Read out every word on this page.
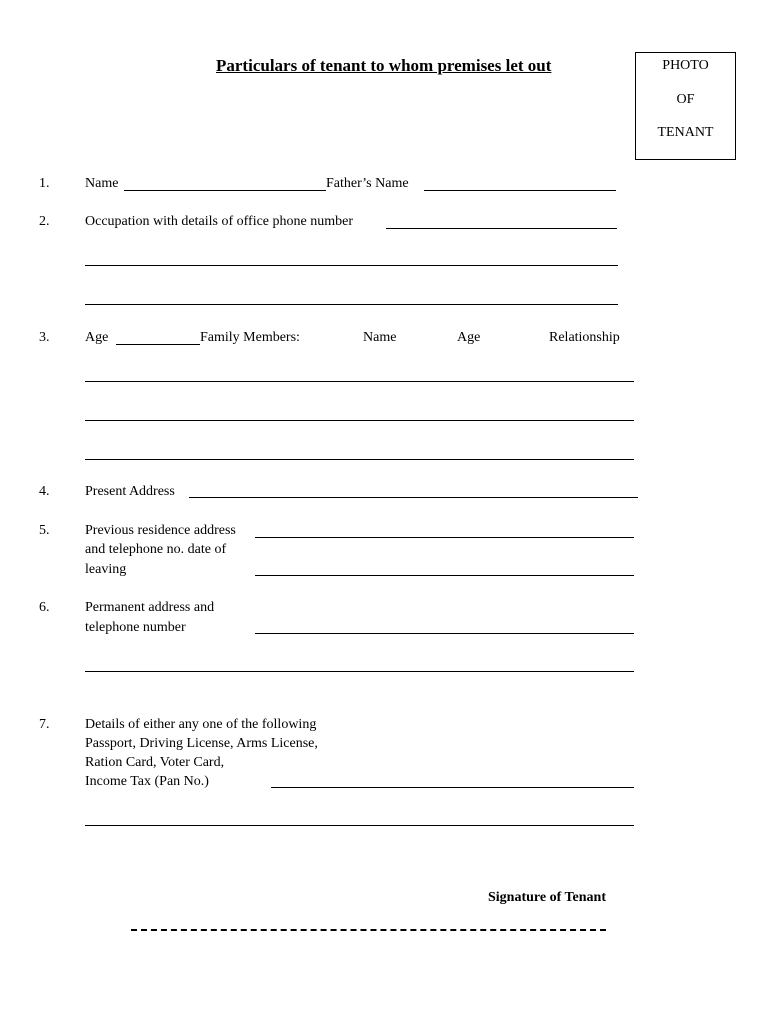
Particulars of tenant to whom premises let out	PHOTO
OF
TENANT
1.	Name	Father’s Name
2.	Occupation with details of office phone number
3.	Age	Family Members:	Name	Age	Relationship
4.	Present Address
5.	Previous residence address
and telephone no. date of
leaving
6.	Permanent address and
telephone number
7.	Details of either any one of the following
Passport, Driving License, Arms License,
Ration Card, Voter Card,
Income Tax (Pan No.)
Signature of Tenant
